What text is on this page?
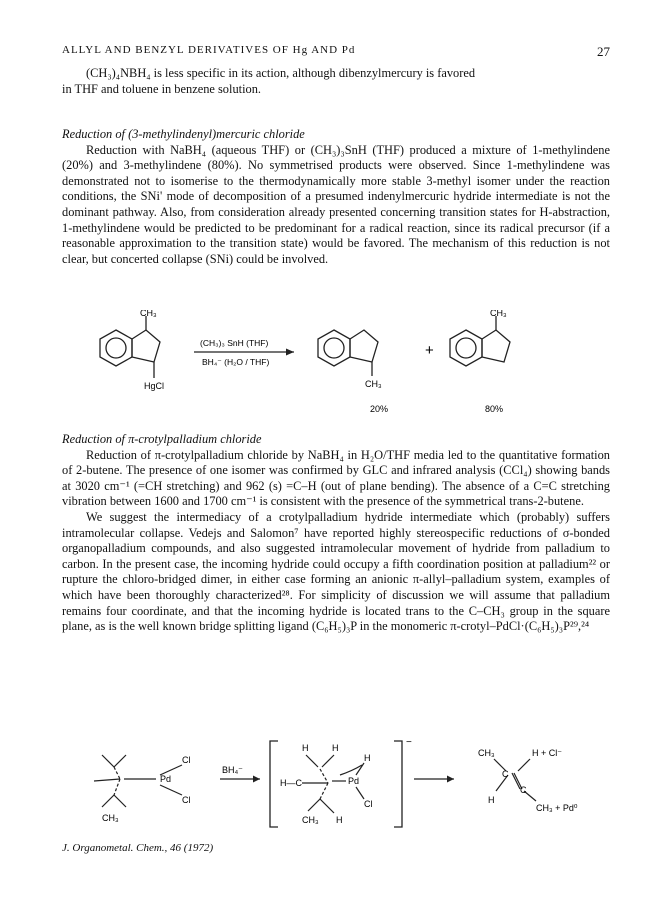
ALLYL AND BENZYL DERIVATIVES OF Hg AND Pd	27
(CH₃)₄NBH₄ is less specific in its action, although dibenzylmercury is favored
in THF and toluene in benzene solution.
Reduction of (3-methylindenyl)mercuric chloride
Reduction with NaBH₄ (aqueous THF) or (CH₃)₃SnH (THF) produced a mixture of 1-methylindene (20%) and 3-methylindene (80%). No symmetrised products were observed. Since 1-methylindene was demonstrated not to isomerise to the thermodynamically more stable 3-methyl isomer under the reaction conditions, the SNi' mode of decomposition of a presumed indenylmercuric hydride intermediate is not the dominant pathway. Also, from consideration already presented concerning transition states for H-abstraction, 1-methylindene would be predicted to be predominant for a radical reaction, since its radical precursor (if a reasonable approximation to the transition state) would be favored. The mechanism of this reduction is not clear, but concerted collapse (SNi) could be involved.
CH₃
HgCl
(CH₃)₃ SnH (THF)
BH₄⁻ (H₂O / THF)
CH₃
20%
+
CH₃
80%
Reduction of π-crotylpalladium chloride
Reduction of π-crotylpalladium chloride by NaBH₄ in H₂O/THF media led to the quantitative formation of 2-butene. The presence of one isomer was confirmed by GLC and infrared analysis (CCl₄) showing bands at 3020 cm⁻¹ (=CH stretching) and 962 (s) =C–H (out of plane bending). The absence of a C=C stretching vibration between 1600 and 1700 cm⁻¹ is consistent with the presence of the symmetrical trans-2-butene.
We suggest the intermediacy of a crotylpalladium hydride intermediate which (probably) suffers intramolecular collapse. Vedejs and Salomon⁷ have reported highly stereospecific reductions of σ-bonded organopalladium compounds, and also suggested intramolecular movement of hydride from palladium to carbon. In the present case, the incoming hydride could occupy a fifth coordination position at palladium²² or rupture the chloro-bridged dimer, in either case forming an anionic π-allyl–palladium system, examples of which have been thoroughly characterized²⁸. For simplicity of discussion we will assume that palladium remains four coordinate, and that the incoming hydride is located trans to the C–CH₃ group in the square plane, as is the well known bridge splitting ligand (C₆H₅)₃P in the monomeric π-crotyl–PdCl·(C₆H₅)₃P²⁹,²⁴
Pd
Cl
Cl
CH₃
BH₄⁻
−
H	H
H
H—C	Pd
Cl
CH₃ H
CH₃	H + Cl⁻
C
C
H
CH₃ + Pd⁰
J. Organometal. Chem., 46 (1972)
